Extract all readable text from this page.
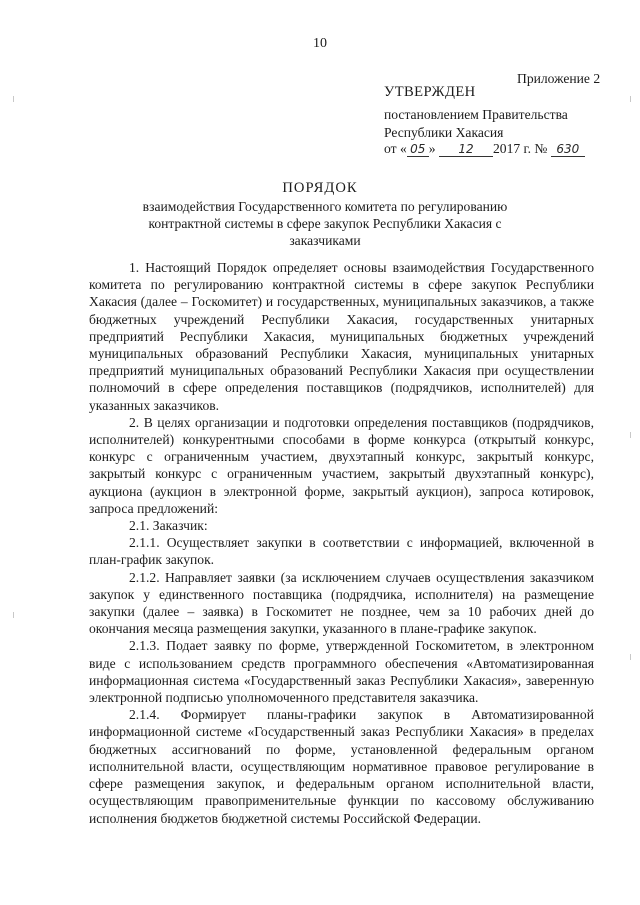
10
Приложение 2
УТВЕРЖДЕН
постановлением Правительства
Республики Хакасия
от « 05 » 12 2017 г. № 630
ПОРЯДОК
взаимодействия Государственного комитета по регулированию контрактной системы в сфере закупок Республики Хакасия с заказчиками

1. Настоящий Порядок определяет основы взаимодействия Государственного комитета по регулированию контрактной системы в сфере закупок Республики Хакасия (далее – Госкомитет) и государственных, муниципальных заказчиков, а также бюджетных учреждений Республики Хакасия, государственных унитарных предприятий Республики Хакасия, муниципальных бюджетных учреждений муниципальных образований Республики Хакасия, муниципальных унитарных предприятий муниципальных образований Республики Хакасия при осуществлении полномочий в сфере определения поставщиков (подрядчиков, исполнителей) для указанных заказчиков.

2. В целях организации и подготовки определения поставщиков (подрядчиков, исполнителей) конкурентными способами в форме конкурса (открытый конкурс, конкурс с ограниченным участием, двухэтапный конкурс, закрытый конкурс, закрытый конкурс с ограниченным участием, закрытый двухэтапный конкурс), аукциона (аукцион в электронной форме, закрытый аукцион), запроса котировок, запроса предложений:

2.1. Заказчик:

2.1.1. Осуществляет закупки в соответствии с информацией, включенной в план-график закупок.

2.1.2. Направляет заявки (за исключением случаев осуществления заказчиком закупок у единственного поставщика (подрядчика, исполнителя) на размещение закупки (далее – заявка) в Госкомитет не позднее, чем за 10 рабочих дней до окончания месяца размещения закупки, указанного в плане-графике закупок.

2.1.3. Подает заявку по форме, утвержденной Госкомитетом, в электронном виде с использованием средств программного обеспечения «Автоматизированная информационная система «Государственный заказ Республики Хакасия», заверенную электронной подписью уполномоченного представителя заказчика.

2.1.4. Формирует планы-графики закупок в Автоматизированной информационной системе «Государственный заказ Республики Хакасия» в пределах бюджетных ассигнований по форме, установленной федеральным органом исполнительной власти, осуществляющим нормативное правовое регулирование в сфере размещения закупок, и федеральным органом исполнительной власти, осуществляющим правоприменительные функции по кассовому обслуживанию исполнения бюджетов бюджетной системы Российской Федерации.
